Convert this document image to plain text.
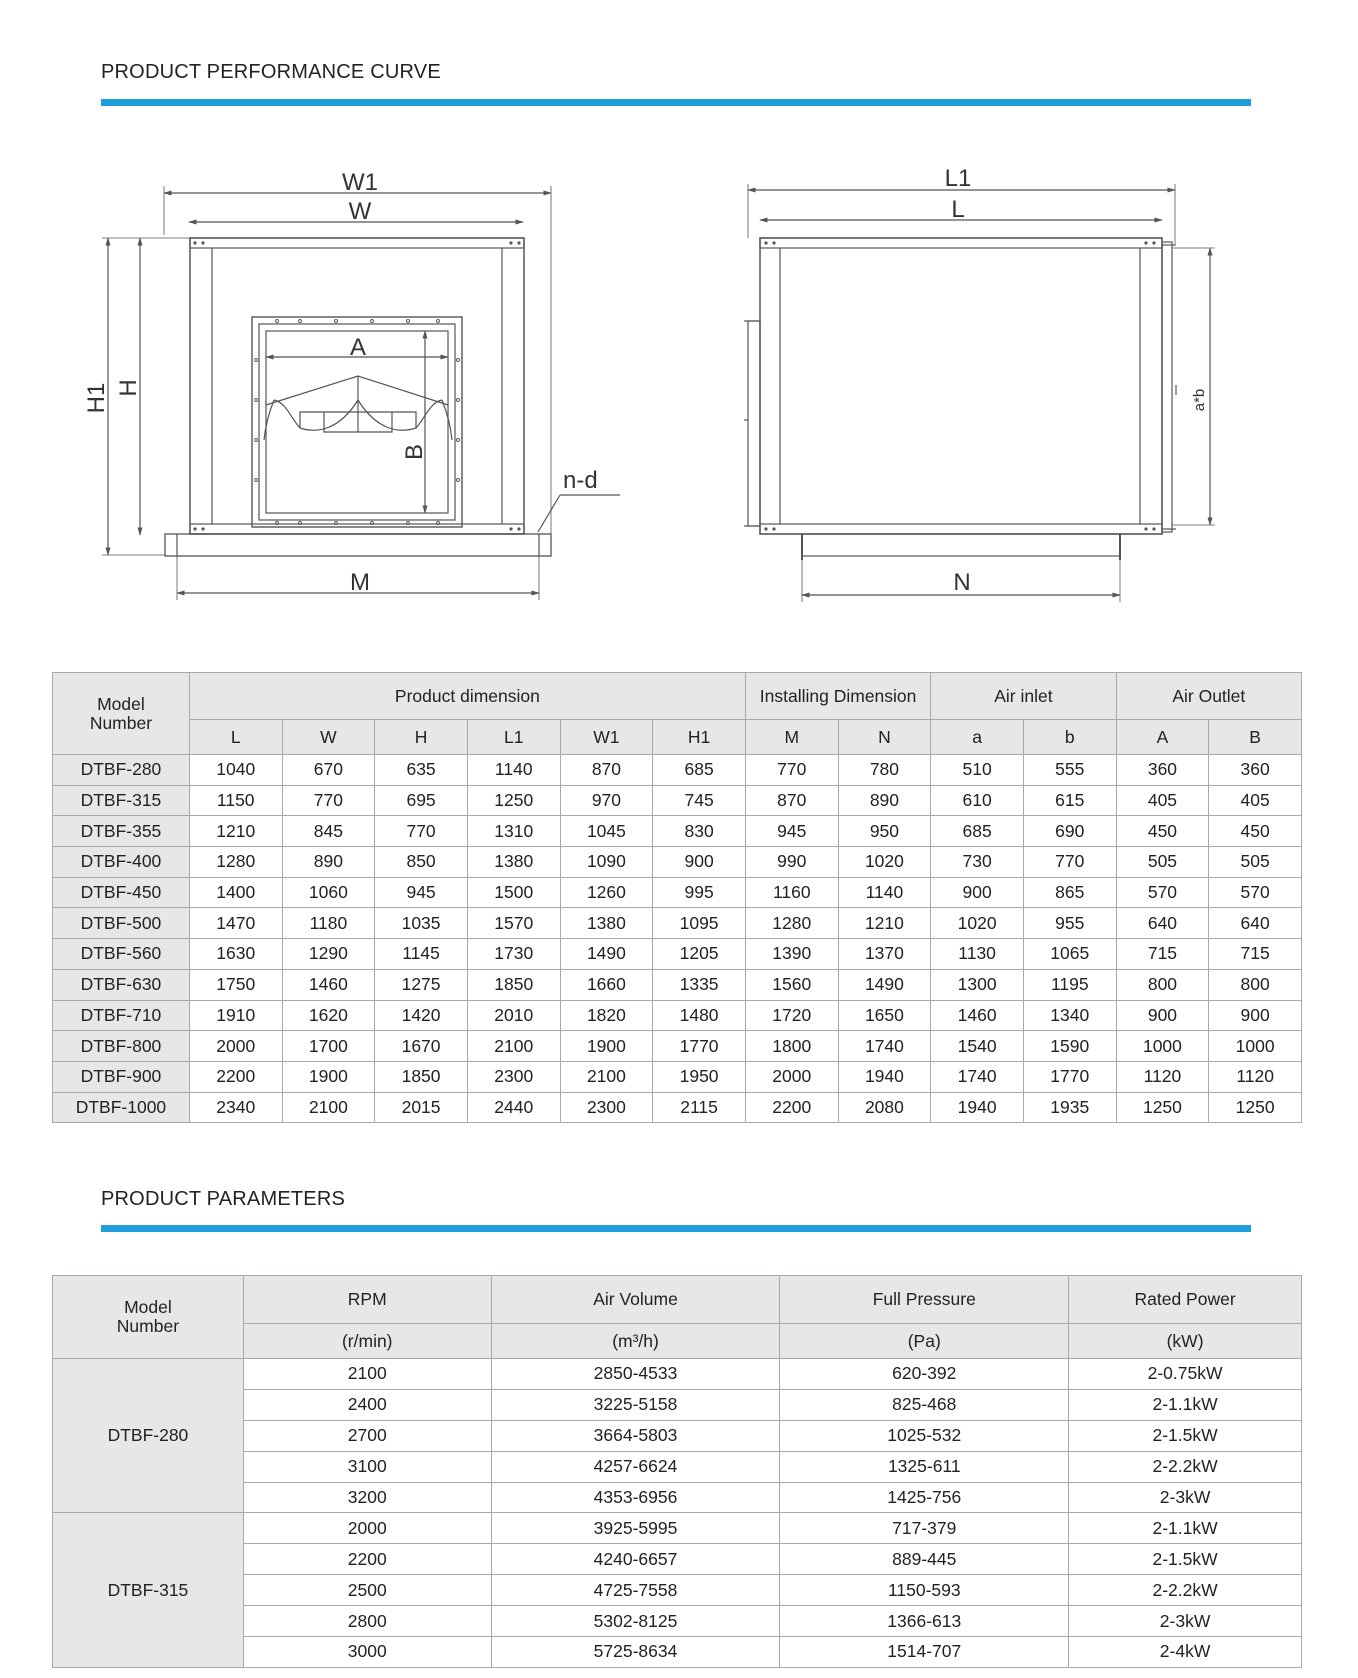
PRODUCT PERFORMANCE CURVE
W1
W
A
M
n-d
H1 H
B
L1
L
N
a*b
Model
Number	Product dimension						Installing Dimension		Air inlet		Air Outlet	
	L	W	H	L1	W1	H1	M	N	a	b	A	B
DTBF-280	1040	670	635	1140	870	685	770	780	510	555	360	360
DTBF-315	1150	770	695	1250	970	745	870	890	610	615	405	405
DTBF-355	1210	845	770	1310	1045	830	945	950	685	690	450	450
DTBF-400	1280	890	850	1380	1090	900	990	1020	730	770	505	505
DTBF-450	1400	1060	945	1500	1260	995	1160	1140	900	865	570	570
DTBF-500	1470	1180	1035	1570	1380	1095	1280	1210	1020	955	640	640
DTBF-560	1630	1290	1145	1730	1490	1205	1390	1370	1130	1065	715	715
DTBF-630	1750	1460	1275	1850	1660	1335	1560	1490	1300	1195	800	800
DTBF-710	1910	1620	1420	2010	1820	1480	1720	1650	1460	1340	900	900
DTBF-800	2000	1700	1670	2100	1900	1770	1800	1740	1540	1590	1000	1000
DTBF-900	2200	1900	1850	2300	2100	1950	2000	1940	1740	1770	1120	1120
DTBF-1000	2340	2100	2015	2440	2300	2115	2200	2080	1940	1935	1250	1250
PRODUCT PARAMETERS
Model
Number	RPM	Air Volume	Full Pressure	Rated Power
	(r/min)	(m³/h)	(Pa)	(kW)
DTBF-280	2100	2850-4533	620-392	2-0.75kW
	2400	3225-5158	825-468	2-1.1kW
	2700	3664-5803	1025-532	2-1.5kW
	3100	4257-6624	1325-611	2-2.2kW
	3200	4353-6956	1425-756	2-3kW
DTBF-315	2000	3925-5995	717-379	2-1.1kW
	2200	4240-6657	889-445	2-1.5kW
	2500	4725-7558	1150-593	2-2.2kW
	2800	5302-8125	1366-613	2-3kW
	3000	5725-8634	1514-707	2-4kW
